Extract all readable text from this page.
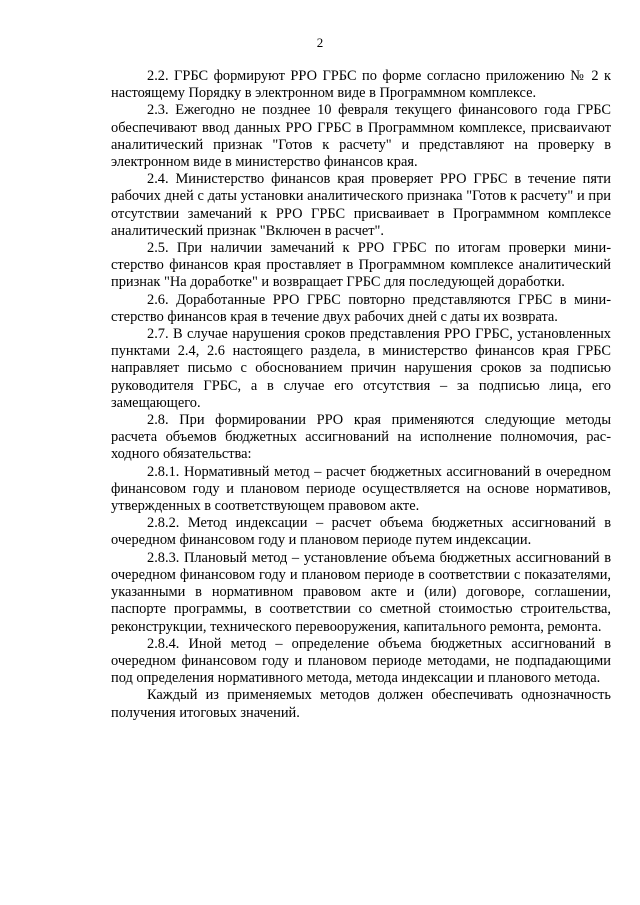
2

2.2. ГРБС формируют РРО ГРБС по форме согласно приложению № 2 к настоящему Порядку в электронном виде в Программном комплексе.

2.3. Ежегодно не позднее 10 февраля текущего финансового года ГРБС обеспечивают ввод данных РРО ГРБС в Программном комплексе, присваиvают аналитический признак "Готов к расчету" и представляют на проверку в электронном виде в министерство финансов края.

2.4. Министерство финансов края проверяет РРО ГРБС в течение пяти рабочих дней с даты установки аналитического признака "Готов к расчету" и при отсутствии замечаний к РРО ГРБС присваивает в Программном комплексе аналитический признак "Включен в расчет".

2.5. При наличии замечаний к РРО ГРБС по итогам проверки министерство финансов края проставляет в Программном комплексе аналитический признак "На доработке" и возвращает ГРБС для последующей доработки.

2.6. Доработанные РРО ГРБС повторно представляются ГРБС в министерство финансов края в течение двух рабочих дней с даты их возврата.

2.7. В случае нарушения сроков представления РРО ГРБС, установленных пунктами 2.4, 2.6 настоящего раздела, в министерство финансов края ГРБС направляет письмо с обоснованием причин нарушения сроков за подписью руководителя ГРБС, а в случае его отсутствия – за подписью лица, его замещающего.

2.8. При формировании РРО края применяются следующие методы расчета объемов бюджетных ассигнований на исполнение полномочия, расходного обязательства:

2.8.1. Нормативный метод – расчет бюджетных ассигнований в очередном финансовом году и плановом периоде осуществляется на основе нормативов, утвержденных в соответствующем правовом акте.

2.8.2. Метод индексации – расчет объема бюджетных ассигнований в очередном финансовом году и плановом периоде путем индексации.

2.8.3. Плановый метод – установление объема бюджетных ассигнований в очередном финансовом году и плановом периоде в соответствии с показателями, указанными в нормативном правовом акте и (или) договоре, соглашении, паспорте программы, в соответствии со сметной стоимостью строительства, реконструкции, технического перевооружения, капитального ремонта, ремонта.

2.8.4. Иной метод – определение объема бюджетных ассигнований в очередном финансовом году и плановом периоде методами, не подпадающими под определения нормативного метода, метода индексации и планового метода.

Каждый из применяемых методов должен обеспечивать однозначность получения итоговых значений.
